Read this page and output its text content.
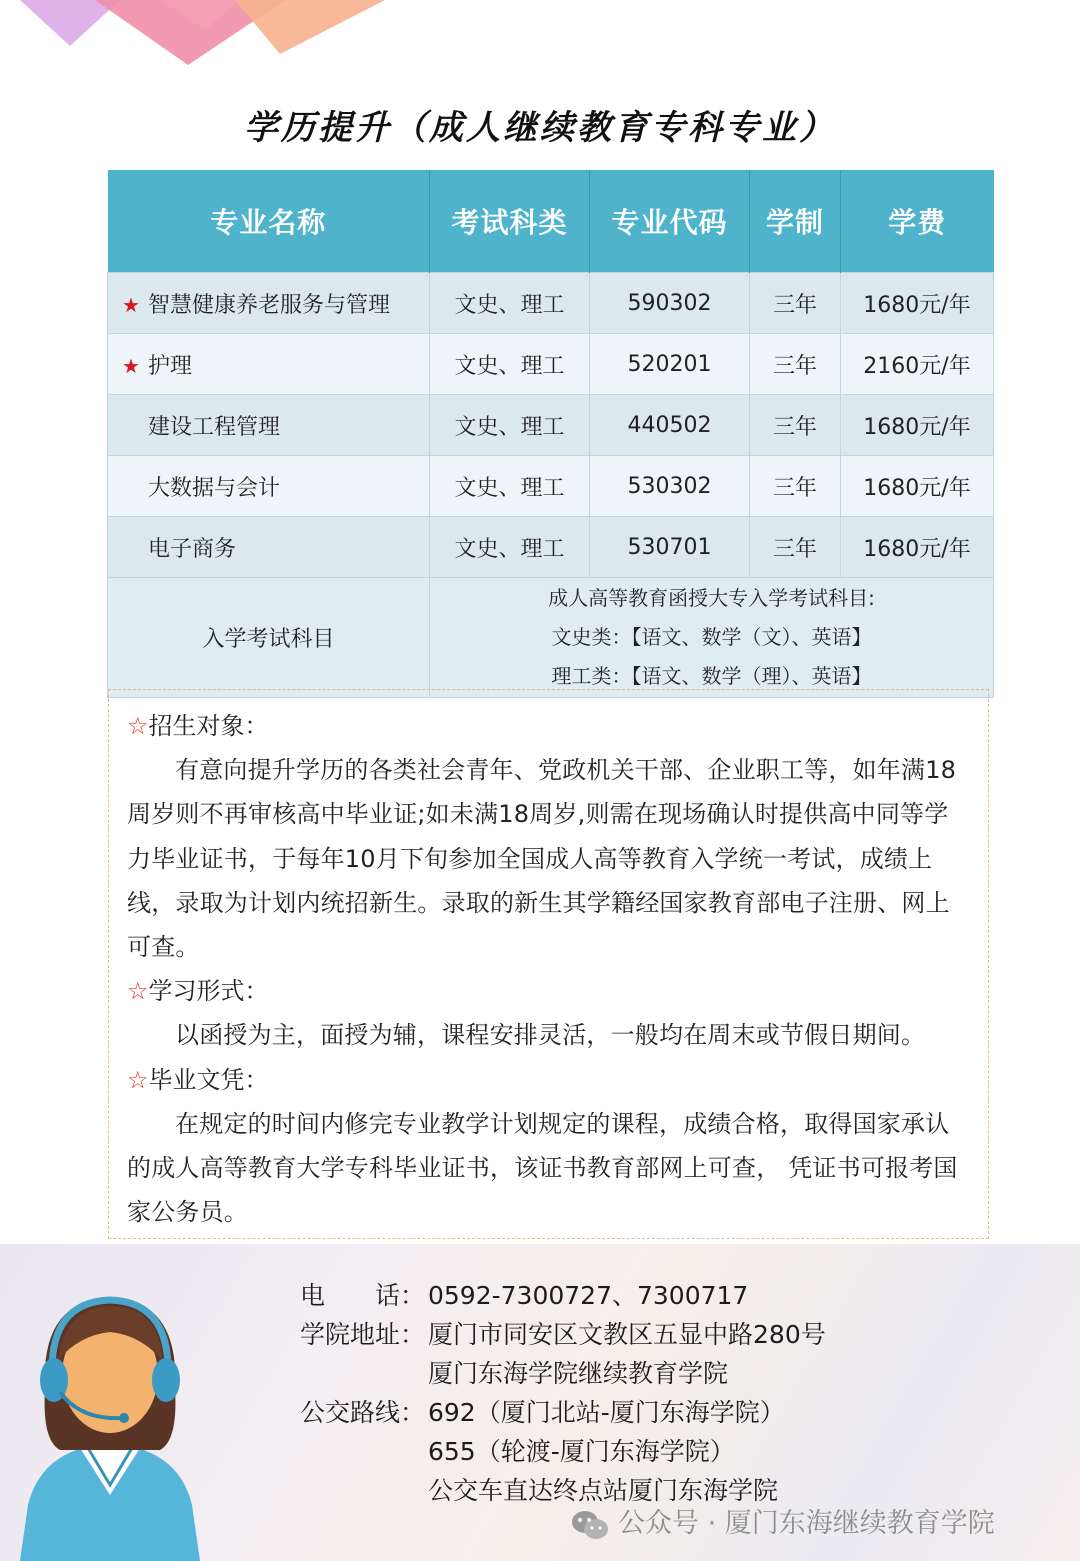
学历提升（成人继续教育专科专业）
专业名称	考试科类	专业代码	学制	学费
★ 智慧健康养老服务与管理	文史、理工	590302	三年	1680元/年
★ 护理	文史、理工	520201	三年	2160元/年
建设工程管理	文史、理工	440502	三年	1680元/年
大数据与会计	文史、理工	530302	三年	1680元/年
电子商务	文史、理工	530701	三年	1680元/年
入学考试科目	成人高等教育函授大专入学考试科目:
文史类：【语文、数学（文）、英语】
理工类：【语文、数学（理）、英语】			
☆招生对象：
有意向提升学历的各类社会青年、党政机关干部、企业职工等，如年满18周岁则不再审核高中毕业证;如未满18周岁,则需在现场确认时提供高中同等学力毕业证书，于每年10月下旬参加全国成人高等教育入学统一考试，成绩上线，录取为计划内统招新生。录取的新生其学籍经国家教育部电子注册、网上可查。
☆学习形式：
以函授为主，面授为辅，课程安排灵活，一般均在周末或节假日期间。
☆毕业文凭：
在规定的时间内修完专业教学计划规定的课程，成绩合格，取得国家承认的成人高等教育大学专科毕业证书，该证书教育部网上可查， 凭证书可报考国家公务员。
电　　话： 0592-7300727、7300717
学院地址： 厦门市同安区文教区五显中路280号
厦门东海学院继续教育学院
公交路线： 692（厦门北站-厦门东海学院）
655（轮渡-厦门东海学院）
公交车直达终点站厦门东海学院
公众号 · 厦门东海继续教育学院
